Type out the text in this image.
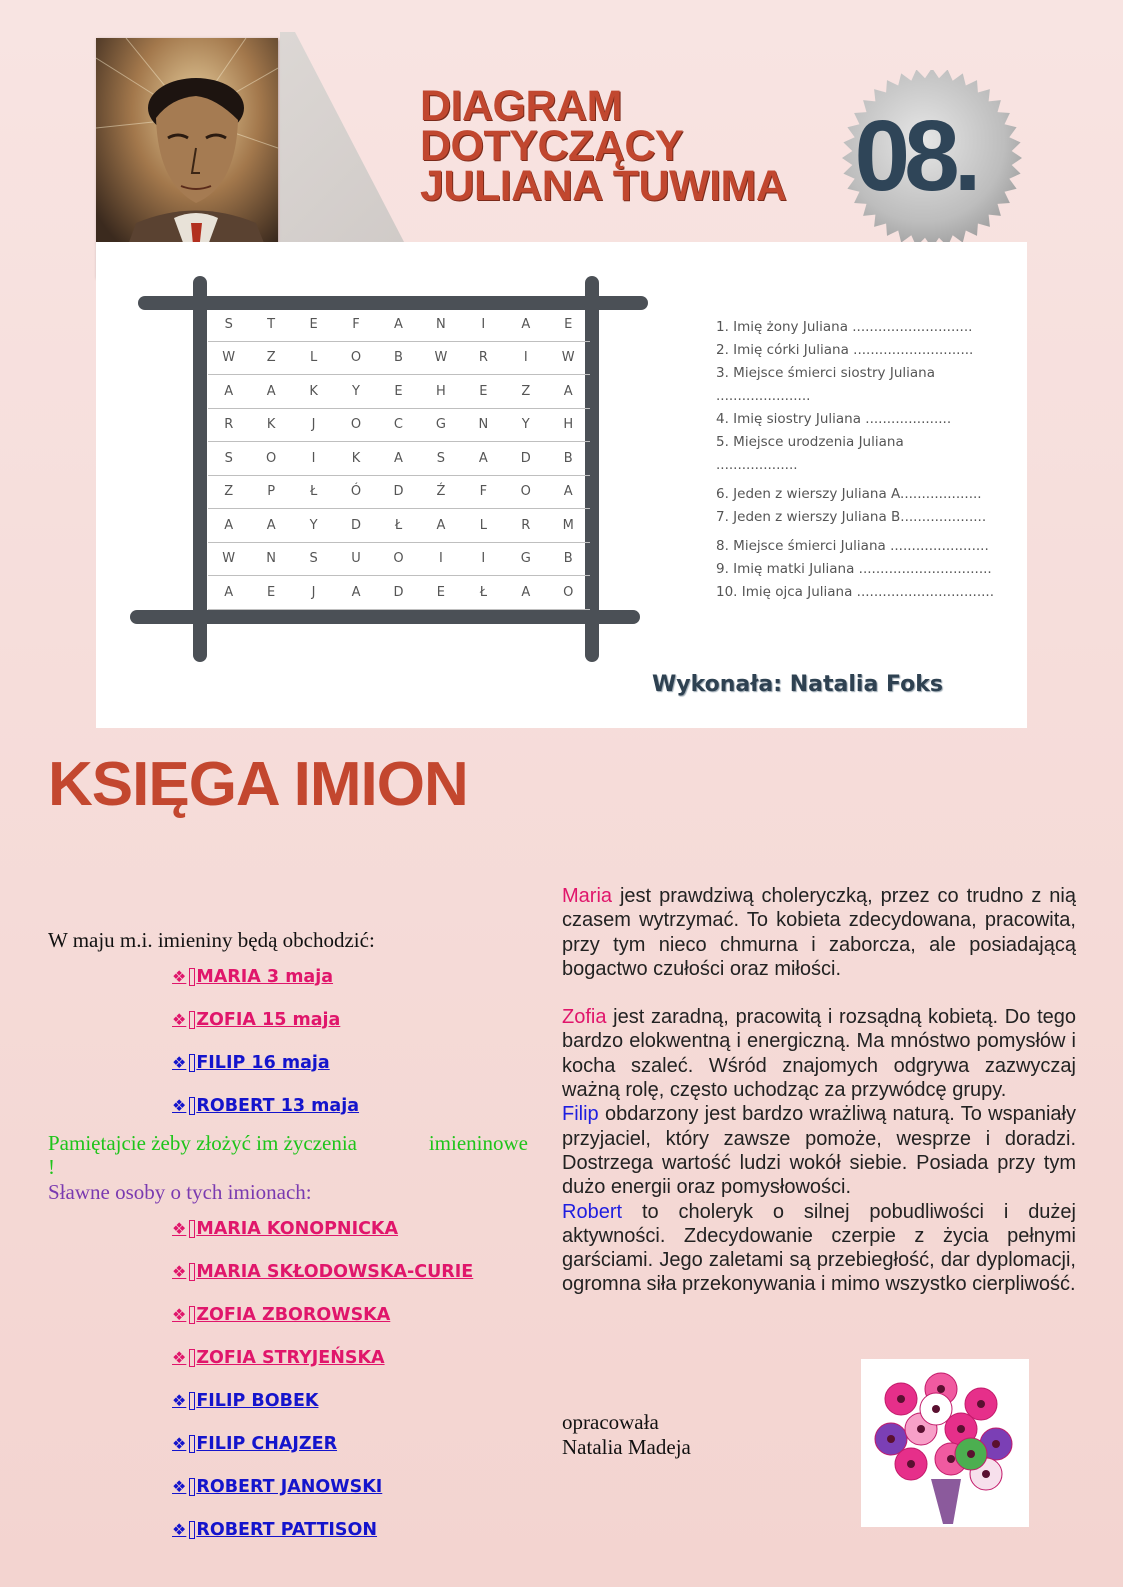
DIAGRAM
DOTYCZĄCY
JULIANA TUWIMA 08.
S	T	E	F	A	N	I	A	E
W	Z	L	O	B	W	R	I	W
A	A	K	Y	E	H	E	Z	A
R	K	J	O	C	G	N	Y	H
S	O	I	K	A	S	A	D	B
Z	P	Ł	Ó	D	Ź	F	O	A
A	A	Y	D	Ł	A	L	R	M
W	N	S	U	O	I	I	G	B
A	E	J	A	D	E	Ł	A	O
1. Imię żony Juliana ............................
2. Imię córki Juliana ............................
3. Miejsce śmierci siostry Juliana
......................
4. Imię siostry Juliana ....................
5. Miejsce urodzenia Juliana
...................
6. Jeden z wierszy Juliana A...................
7. Jeden z wierszy Juliana B....................
8. Miejsce śmierci Juliana .......................
9. Imię matki Juliana ...............................
10. Imię ojca Juliana ................................
Wykonała: Natalia Foks
KSIĘGA IMION
W maju m.i. imieniny będą obchodzić:
❖ MARIA 3 maja
❖ ZOFIA 15 maja
❖ FILIP 16 maja
❖ ROBERT 13 maja
Pamiętajcie żeby złożyć im życzenia	imieninowe
!
Sławne osoby o tych imionach:
❖ MARIA KONOPNICKA
❖ MARIA SKŁODOWSKA-CURIE
❖ ZOFIA ZBOROWSKA
❖ ZOFIA STRYJEŃSKA
❖ FILIP BOBEK
❖ FILIP CHAJZER
❖ ROBERT JANOWSKI
❖ ROBERT PATTISON

Maria jest prawdziwą choleryczką, przez co trudno z nią czasem wytrzymać. To kobieta zdecydowana, pracowita, przy tym nieco chmurna i zaborcza, ale posiadającą bogactwo czułości oraz miłości.

Zofia jest zaradną, pracowitą i rozsądną kobietą. Do tego bardzo elokwentną i energiczną. Ma mnóstwo pomysłów i kocha szaleć. Wśród znajomych odgrywa zazwyczaj ważną rolę, często uchodząc za przywódcę grupy.

Filip obdarzony jest bardzo wrażliwą naturą. To wspaniały przyjaciel, który zawsze pomoże, wesprze i doradzi. Dostrzega wartość ludzi wokół siebie. Posiada przy tym dużo energii oraz pomysłowości.

Robert to choleryk o silnej pobudliwości i dużej aktywności. Zdecydowanie czerpie z życia pełnymi garściami. Jego zaletami są przebiegłość, dar dyplomacji, ogromna siła przekonywania i mimo wszystko cierpliwość.

opracowała
Natalia Madeja
